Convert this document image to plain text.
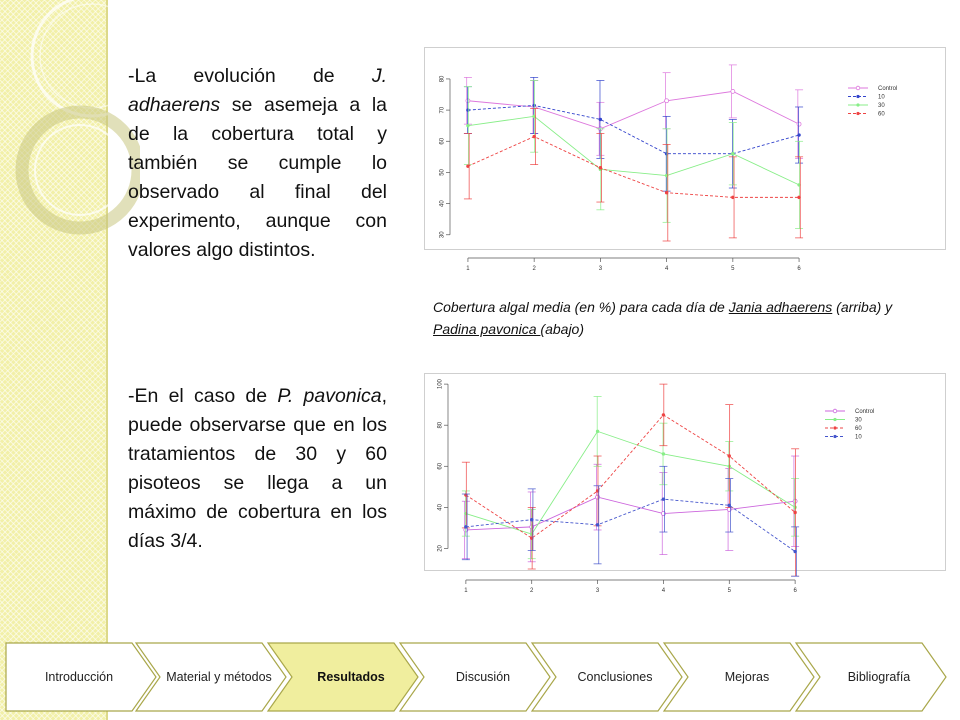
-La evolución de J. adhaerens se asemeja a la de la cobertura total y también se cumple lo observado al final del experimento, aunque con valores algo distintos.

-En el caso de P. pavonica, puede observarse que en los tratamientos de 30 y 60 pisoteos se llega a un máximo de cobertura en los días 3/4.

30
40
50
60
70
80
1	2	3	4	5	6
Control
10
30
60

Cobertura algal media (en %) para cada día de Jania adhaerens (arriba) y Padina pavonica (abajo)

20
40
60
80
100
1	2	3	4	5	6
Control
30
60
10
Introducción	Material y métodos	Resultados	Discusión	Conclusiones	Mejoras	Bibliografía
